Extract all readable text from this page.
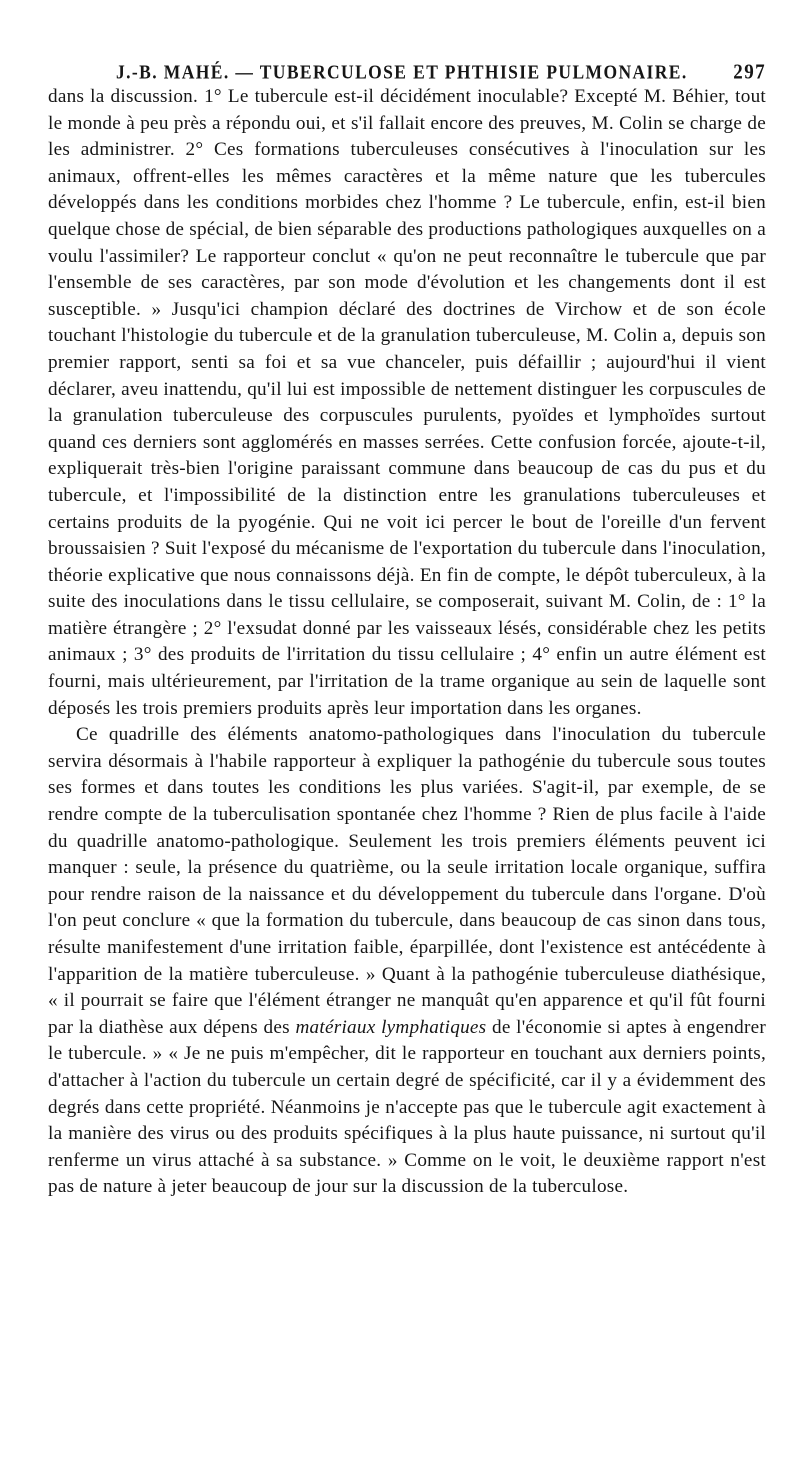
J.-B. MAHÉ. — TUBERCULOSE ET PHTHISIE PULMONAIRE. 297

dans la discussion. 1° Le tubercule est-il décidément inoculable? Excepté M. Béhier, tout le monde à peu près a répondu oui, et s'il fallait encore des preuves, M. Colin se charge de les administrer. 2° Ces formations tuberculeuses consécutives à l'inoculation sur les animaux, offrent-elles les mêmes caractères et la même nature que les tubercules développés dans les conditions morbides chez l'homme ? Le tubercule, enfin, est-il bien quelque chose de spécial, de bien séparable des productions pathologiques auxquelles on a voulu l'assimiler? Le rapporteur conclut « qu'on ne peut reconnaître le tubercule que par l'ensemble de ses caractères, par son mode d'évolution et les changements dont il est susceptible. » Jusqu'ici champion déclaré des doctrines de Virchow et de son école touchant l'histologie du tubercule et de la granulation tuberculeuse, M. Colin a, depuis son premier rapport, senti sa foi et sa vue chanceler, puis défaillir ; aujourd'hui il vient déclarer, aveu inattendu, qu'il lui est impossible de nettement distinguer les corpuscules de la granulation tuberculeuse des corpuscules purulents, pyoïdes et lymphoïdes surtout quand ces derniers sont agglomérés en masses serrées. Cette confusion forcée, ajoute-t-il, expliquerait très-bien l'origine paraissant commune dans beaucoup de cas du pus et du tubercule, et l'impossibilité de la distinction entre les granulations tuberculeuses et certains produits de la pyogénie. Qui ne voit ici percer le bout de l'oreille d'un fervent broussaisien ? Suit l'exposé du mécanisme de l'exportation du tubercule dans l'inoculation, théorie explicative que nous connaissons déjà. En fin de compte, le dépôt tuberculeux, à la suite des inoculations dans le tissu cellulaire, se composerait, suivant M. Colin, de : 1° la matière étrangère ; 2° l'exsudat donné par les vaisseaux lésés, considérable chez les petits animaux ; 3° des produits de l'irritation du tissu cellulaire ; 4° enfin un autre élément est fourni, mais ultérieurement, par l'irritation de la trame organique au sein de laquelle sont déposés les trois premiers produits après leur importation dans les organes.

Ce quadrille des éléments anatomo-pathologiques dans l'inoculation du tubercule servira désormais à l'habile rapporteur à expliquer la pathogénie du tubercule sous toutes ses formes et dans toutes les conditions les plus variées. S'agit-il, par exemple, de se rendre compte de la tuberculisation spontanée chez l'homme ? Rien de plus facile à l'aide du quadrille anatomo-pathologique. Seulement les trois premiers éléments peuvent ici manquer : seule, la présence du quatrième, ou la seule irritation locale organique, suffira pour rendre raison de la naissance et du développement du tubercule dans l'organe. D'où l'on peut conclure « que la formation du tubercule, dans beaucoup de cas sinon dans tous, résulte manifestement d'une irritation faible, éparpillée, dont l'existence est antécédente à l'apparition de la matière tuberculeuse. » Quant à la pathogénie tuberculeuse diathésique, « il pourrait se faire que l'élément étranger ne manquât qu'en apparence et qu'il fût fourni par la diathèse aux dépens des matériaux lymphatiques de l'économie si aptes à engendrer le tubercule. » « Je ne puis m'empêcher, dit le rapporteur en touchant aux derniers points, d'attacher à l'action du tubercule un certain degré de spécificité, car il y a évidemment des degrés dans cette propriété. Néanmoins je n'accepte pas que le tubercule agit exactement à la manière des virus ou des produits spécifiques à la plus haute puissance, ni surtout qu'il renferme un virus attaché à sa substance. » Comme on le voit, le deuxième rapport n'est pas de nature à jeter beaucoup de jour sur la discussion de la tuberculose.
